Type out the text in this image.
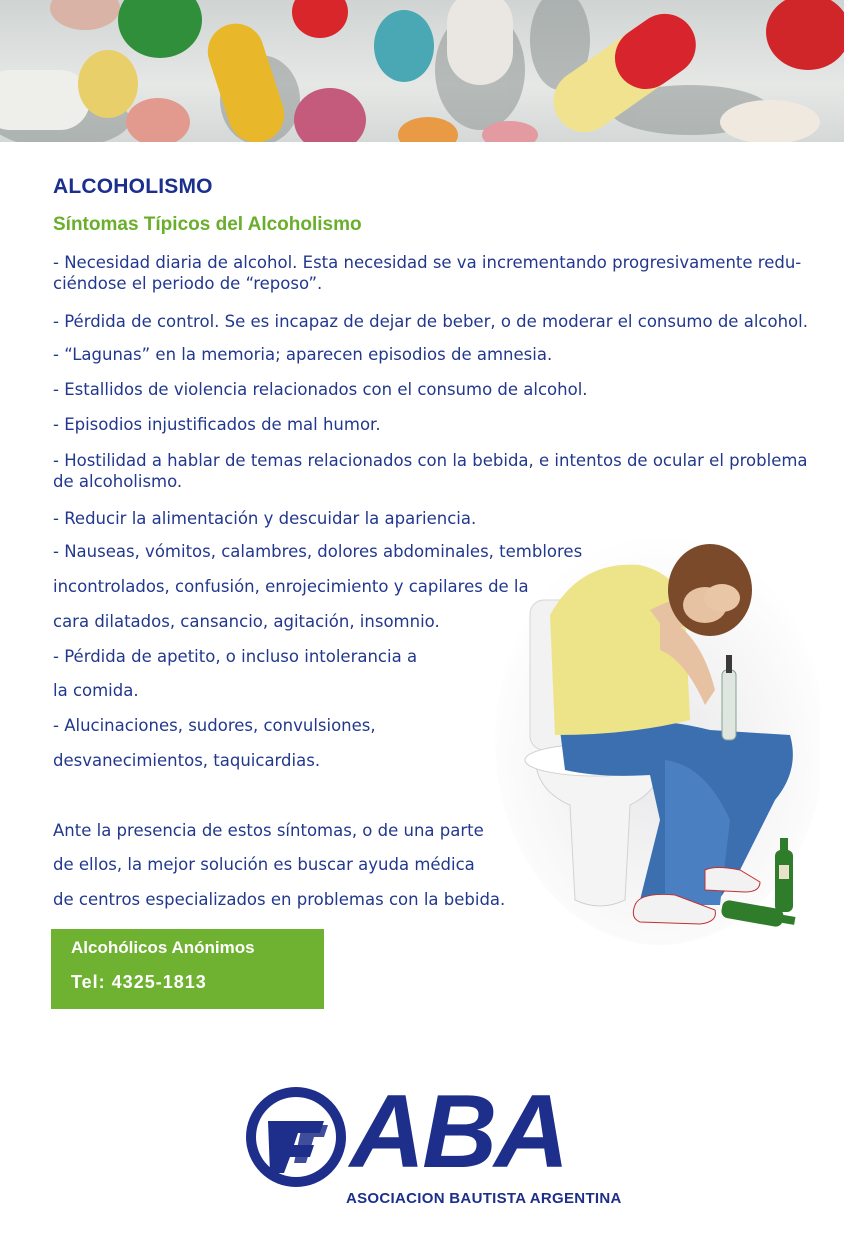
ALCOHOLISMO
Síntomas Típicos del Alcoholismo
- Necesidad diaria de alcohol. Esta necesidad se va incrementando progresivamente redu-
ciéndose el periodo de “reposo”.
- Pérdida de control. Se es incapaz de dejar de beber, o de moderar el consumo de alcohol.
- “Lagunas” en la memoria; aparecen episodios de amnesia.
- Estallidos de violencia relacionados con el consumo de alcohol.
- Episodios injustificados de mal humor.
- Hostilidad a hablar de temas relacionados con la bebida, e intentos de ocular el problema
de alcoholismo.
- Reducir la alimentación y descuidar la apariencia.
- Nauseas, vómitos, calambres, dolores abdominales, temblores
incontrolados, confusión, enrojecimiento y capilares de la
cara dilatados, cansancio, agitación, insomnio.
- Pérdida de apetito, o incluso intolerancia a
la comida.
- Alucinaciones, sudores, convulsiones,
desvanecimientos, taquicardias.
Ante la presencia de estos síntomas, o de una parte
de ellos, la mejor solución es buscar ayuda médica
de centros especializados en problemas con la bebida.
Alcohólicos Anónimos
Tel: 4325-1813
ABA
ASOCIACION BAUTISTA ARGENTINA
